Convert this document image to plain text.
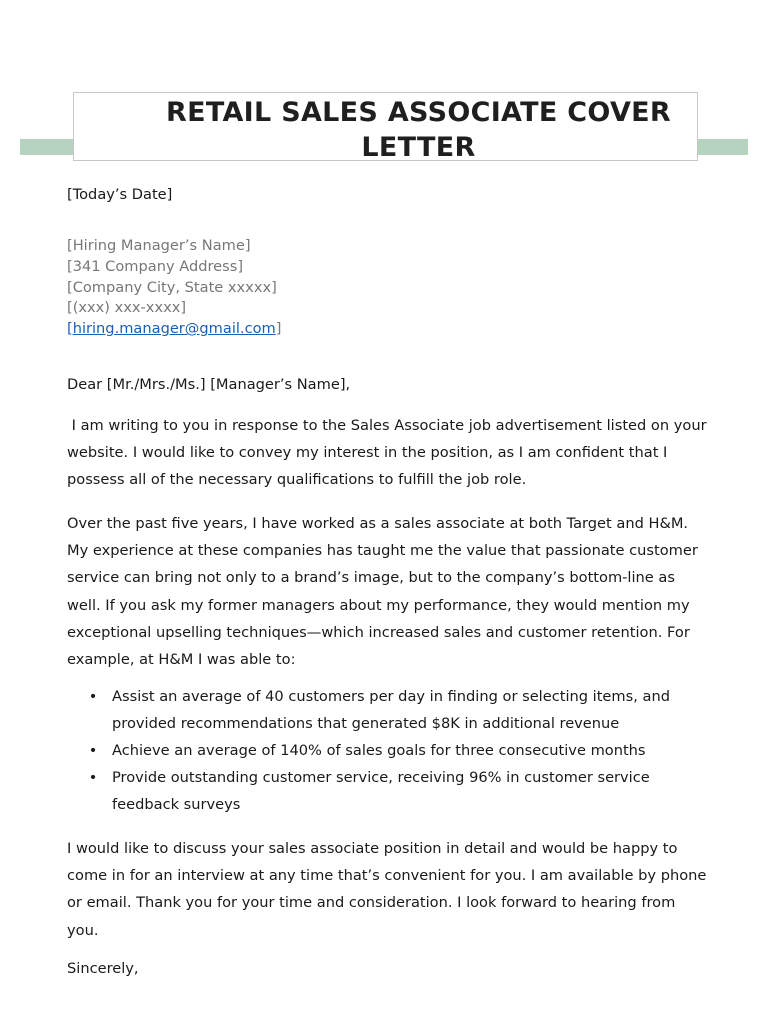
RETAIL SALES ASSOCIATE COVER LETTER
[Today’s Date]
[Hiring Manager’s Name]
[341 Company Address]
[Company City, State xxxxx]
[(xxx) xxx-xxxx]
[hiring.manager@gmail.com]
Dear [Mr./Mrs./Ms.] [Manager’s Name],
I am writing to you in response to the Sales Associate job advertisement listed on your website. I would like to convey my interest in the position, as I am confident that I possess all of the necessary qualifications to fulfill the job role.
Over the past five years, I have worked as a sales associate at both Target and H&M. My experience at these companies has taught me the value that passionate customer service can bring not only to a brand’s image, but to the company’s bottom-line as well. If you ask my former managers about my performance, they would mention my exceptional upselling techniques—which increased sales and customer retention. For example, at H&M I was able to:
• Assist an average of 40 customers per day in finding or selecting items, and provided recommendations that generated $8K in additional revenue
• Achieve an average of 140% of sales goals for three consecutive months
• Provide outstanding customer service, receiving 96% in customer service feedback surveys
I would like to discuss your sales associate position in detail and would be happy to come in for an interview at any time that’s convenient for you. I am available by phone or email. Thank you for your time and consideration. I look forward to hearing from you.
Sincerely,
